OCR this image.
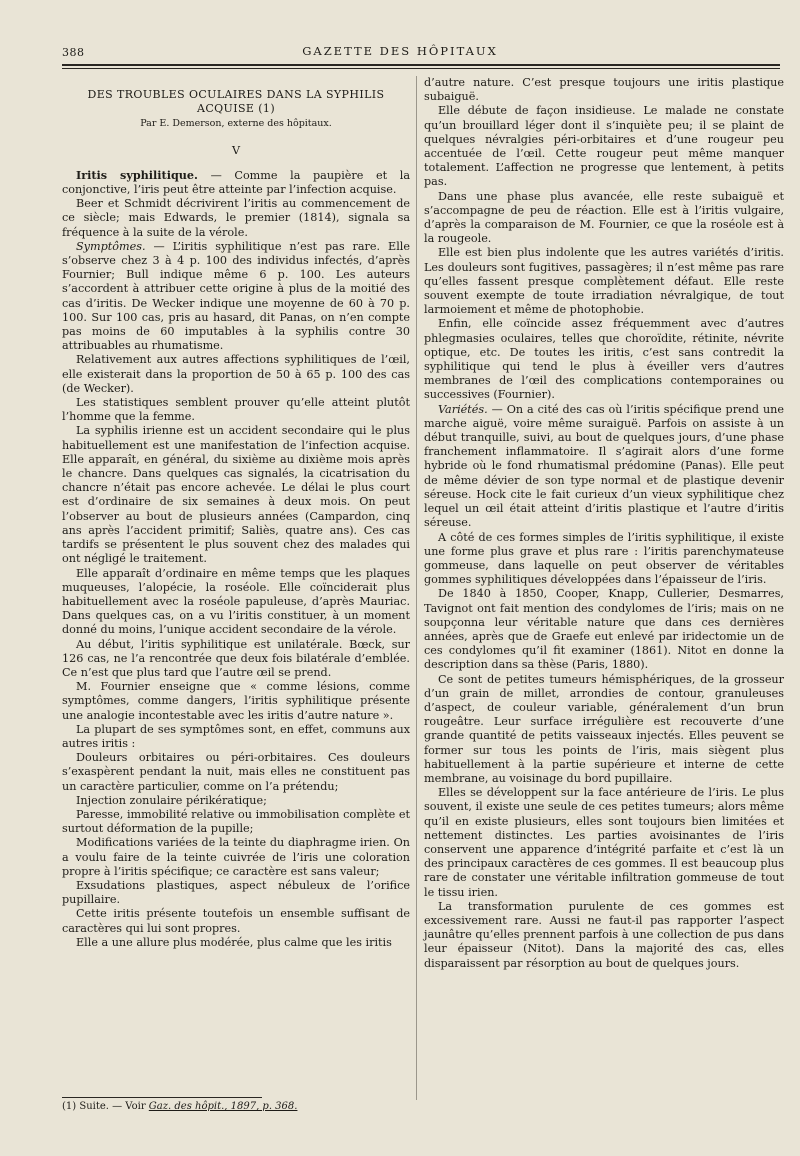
388	GAZETTE DES HÔPITAUX

DES TROUBLES OCULAIRES DANS LA SYPHILIS ACQUISE (1)

Par E. Demerson, externe des hôpitaux.

V

Iritis syphilitique. — Comme la paupière et la conjonctive, l’iris peut être atteinte par l’infection acquise.

Beer et Schmidt décrivirent l’iritis au commencement de ce siècle; mais Edwards, le premier (1814), signala sa fréquence à la suite de la vérole.

Symptômes. — L’iritis syphilitique n’est pas rare. Elle s’observe chez 3 à 4 p. 100 des individus infectés, d’après Fournier; Bull indique même 6 p. 100. Les auteurs s’accordent à attribuer cette origine à plus de la moitié des cas d’iritis. De Wecker indique une moyenne de 60 à 70 p. 100. Sur 100 cas, pris au hasard, dit Panas, on n’en compte pas moins de 60 imputables à la syphilis contre 30 attribuables au rhumatisme.

Relativement aux autres affections syphilitiques de l’œil, elle existerait dans la proportion de 50 à 65 p. 100 des cas (de Wecker).

Les statistiques semblent prouver qu’elle atteint plutôt l’homme que la femme.

La syphilis irienne est un accident secondaire qui le plus habituellement est une manifestation de l’infection acquise. Elle apparaît, en général, du sixième au dixième mois après le chancre. Dans quelques cas signalés, la cicatrisation du chancre n’était pas encore achevée. Le délai le plus court est d’ordinaire de six semaines à deux mois. On peut l’observer au bout de plusieurs années (Campardon, cinq ans après l’accident primitif; Saliès, quatre ans). Ces cas tardifs se présentent le plus souvent chez des malades qui ont négligé le traitement.

Elle apparaît d’ordinaire en même temps que les plaques muqueuses, l’alopécie, la roséole. Elle coïnciderait plus habituellement avec la roséole papuleuse, d’après Mauriac. Dans quelques cas, on a vu l’iritis constituer, à un moment donné du moins, l’unique accident secondaire de la vérole.

Au début, l’iritis syphilitique est unilatérale. Bœck, sur 126 cas, ne l’a rencontrée que deux fois bilatérale d’emblée. Ce n’est que plus tard que l’autre œil se prend.

M. Fournier enseigne que « comme lésions, comme symptômes, comme dangers, l’iritis syphilitique présente une analogie incontestable avec les iritis d’autre nature ».

La plupart de ses symptômes sont, en effet, communs aux autres iritis :

Douleurs orbitaires ou péri-orbitaires. Ces douleurs s’exaspèrent pendant la nuit, mais elles ne constituent pas un caractère particulier, comme on l’a prétendu;

Injection zonulaire périkératique;

Paresse, immobilité relative ou immobilisation complète et surtout déformation de la pupille;

Modifications variées de la teinte du diaphragme irien. On a voulu faire de la teinte cuivrée de l’iris une coloration propre à l’iritis spécifique; ce caractère est sans valeur;

Exsudations plastiques, aspect nébuleux de l’orifice pupillaire.

Cette iritis présente toutefois un ensemble suffisant de caractères qui lui sont propres.

Elle a une allure plus modérée, plus calme que les iritis

d’autre nature. C’est presque toujours une iritis plastique subaiguë.

Elle débute de façon insidieuse. Le malade ne constate qu’un brouillard léger dont il s’inquiète peu; il se plaint de quelques névralgies péri-orbitaires et d’une rougeur peu accentuée de l’œil. Cette rougeur peut même manquer totalement. L’affection ne progresse que lentement, à petits pas.

Dans une phase plus avancée, elle reste subaiguë et s’accompagne de peu de réaction. Elle est à l’iritis vulgaire, d’après la comparaison de M. Fournier, ce que la roséole est à la rougeole.

Elle est bien plus indolente que les autres variétés d’iritis. Les douleurs sont fugitives, passagères; il n’est même pas rare qu’elles fassent presque complètement défaut. Elle reste souvent exempte de toute irradiation névralgique, de tout larmoiement et même de photophobie.

Enfin, elle coïncide assez fréquemment avec d’autres phlegmasies oculaires, telles que choroïdite, rétinite, névrite optique, etc. De toutes les iritis, c’est sans contredit la syphilitique qui tend le plus à éveiller vers d’autres membranes de l’œil des complications contemporaines ou successives (Fournier).

Variétés. — On a cité des cas où l’iritis spécifique prend une marche aiguë, voire même suraiguë. Parfois on assiste à un début tranquille, suivi, au bout de quelques jours, d’une phase franchement inflammatoire. Il s’agirait alors d’une forme hybride où le fond rhumatismal prédomine (Panas). Elle peut de même dévier de son type normal et de plastique devenir séreuse. Hock cite le fait curieux d’un vieux syphilitique chez lequel un œil était atteint d’iritis plastique et l’autre d’iritis séreuse.

A côté de ces formes simples de l’iritis syphilitique, il existe une forme plus grave et plus rare : l’iritis parenchymateuse gommeuse, dans laquelle on peut observer de véritables gommes syphilitiques développées dans l’épaisseur de l’iris.

De 1840 à 1850, Cooper, Knapp, Cullerier, Desmarres, Tavignot ont fait mention des condylomes de l’iris; mais on ne soupçonna leur véritable nature que dans ces dernières années, après que de Graefe eut enlevé par iridectomie un de ces condylomes qu’il fit examiner (1861). Nitot en donne la description dans sa thèse (Paris, 1880).

Ce sont de petites tumeurs hémisphériques, de la grosseur d’un grain de millet, arrondies de contour, granuleuses d’aspect, de couleur variable, généralement d’un brun rougeâtre. Leur surface irrégulière est recouverte d’une grande quantité de petits vaisseaux injectés. Elles peuvent se former sur tous les points de l’iris, mais siègent plus habituellement à la partie supérieure et interne de cette membrane, au voisinage du bord pupillaire.

Elles se développent sur la face antérieure de l’iris. Le plus souvent, il existe une seule de ces petites tumeurs; alors même qu’il en existe plusieurs, elles sont toujours bien limitées et nettement distinctes. Les parties avoisinantes de l’iris conservent une apparence d’intégrité parfaite et c’est là un des principaux caractères de ces gommes. Il est beaucoup plus rare de constater une véritable infiltration gommeuse de tout le tissu irien.

La transformation purulente de ces gommes est excessivement rare. Aussi ne faut-il pas rapporter l’aspect jaunâtre qu’elles prennent parfois à une collection de pus dans leur épaisseur (Nitot). Dans la majorité des cas, elles disparaissent par résorption au bout de quelques jours.

(1) Suite. — Voir Gaz. des hôpit., 1897, p. 368.
